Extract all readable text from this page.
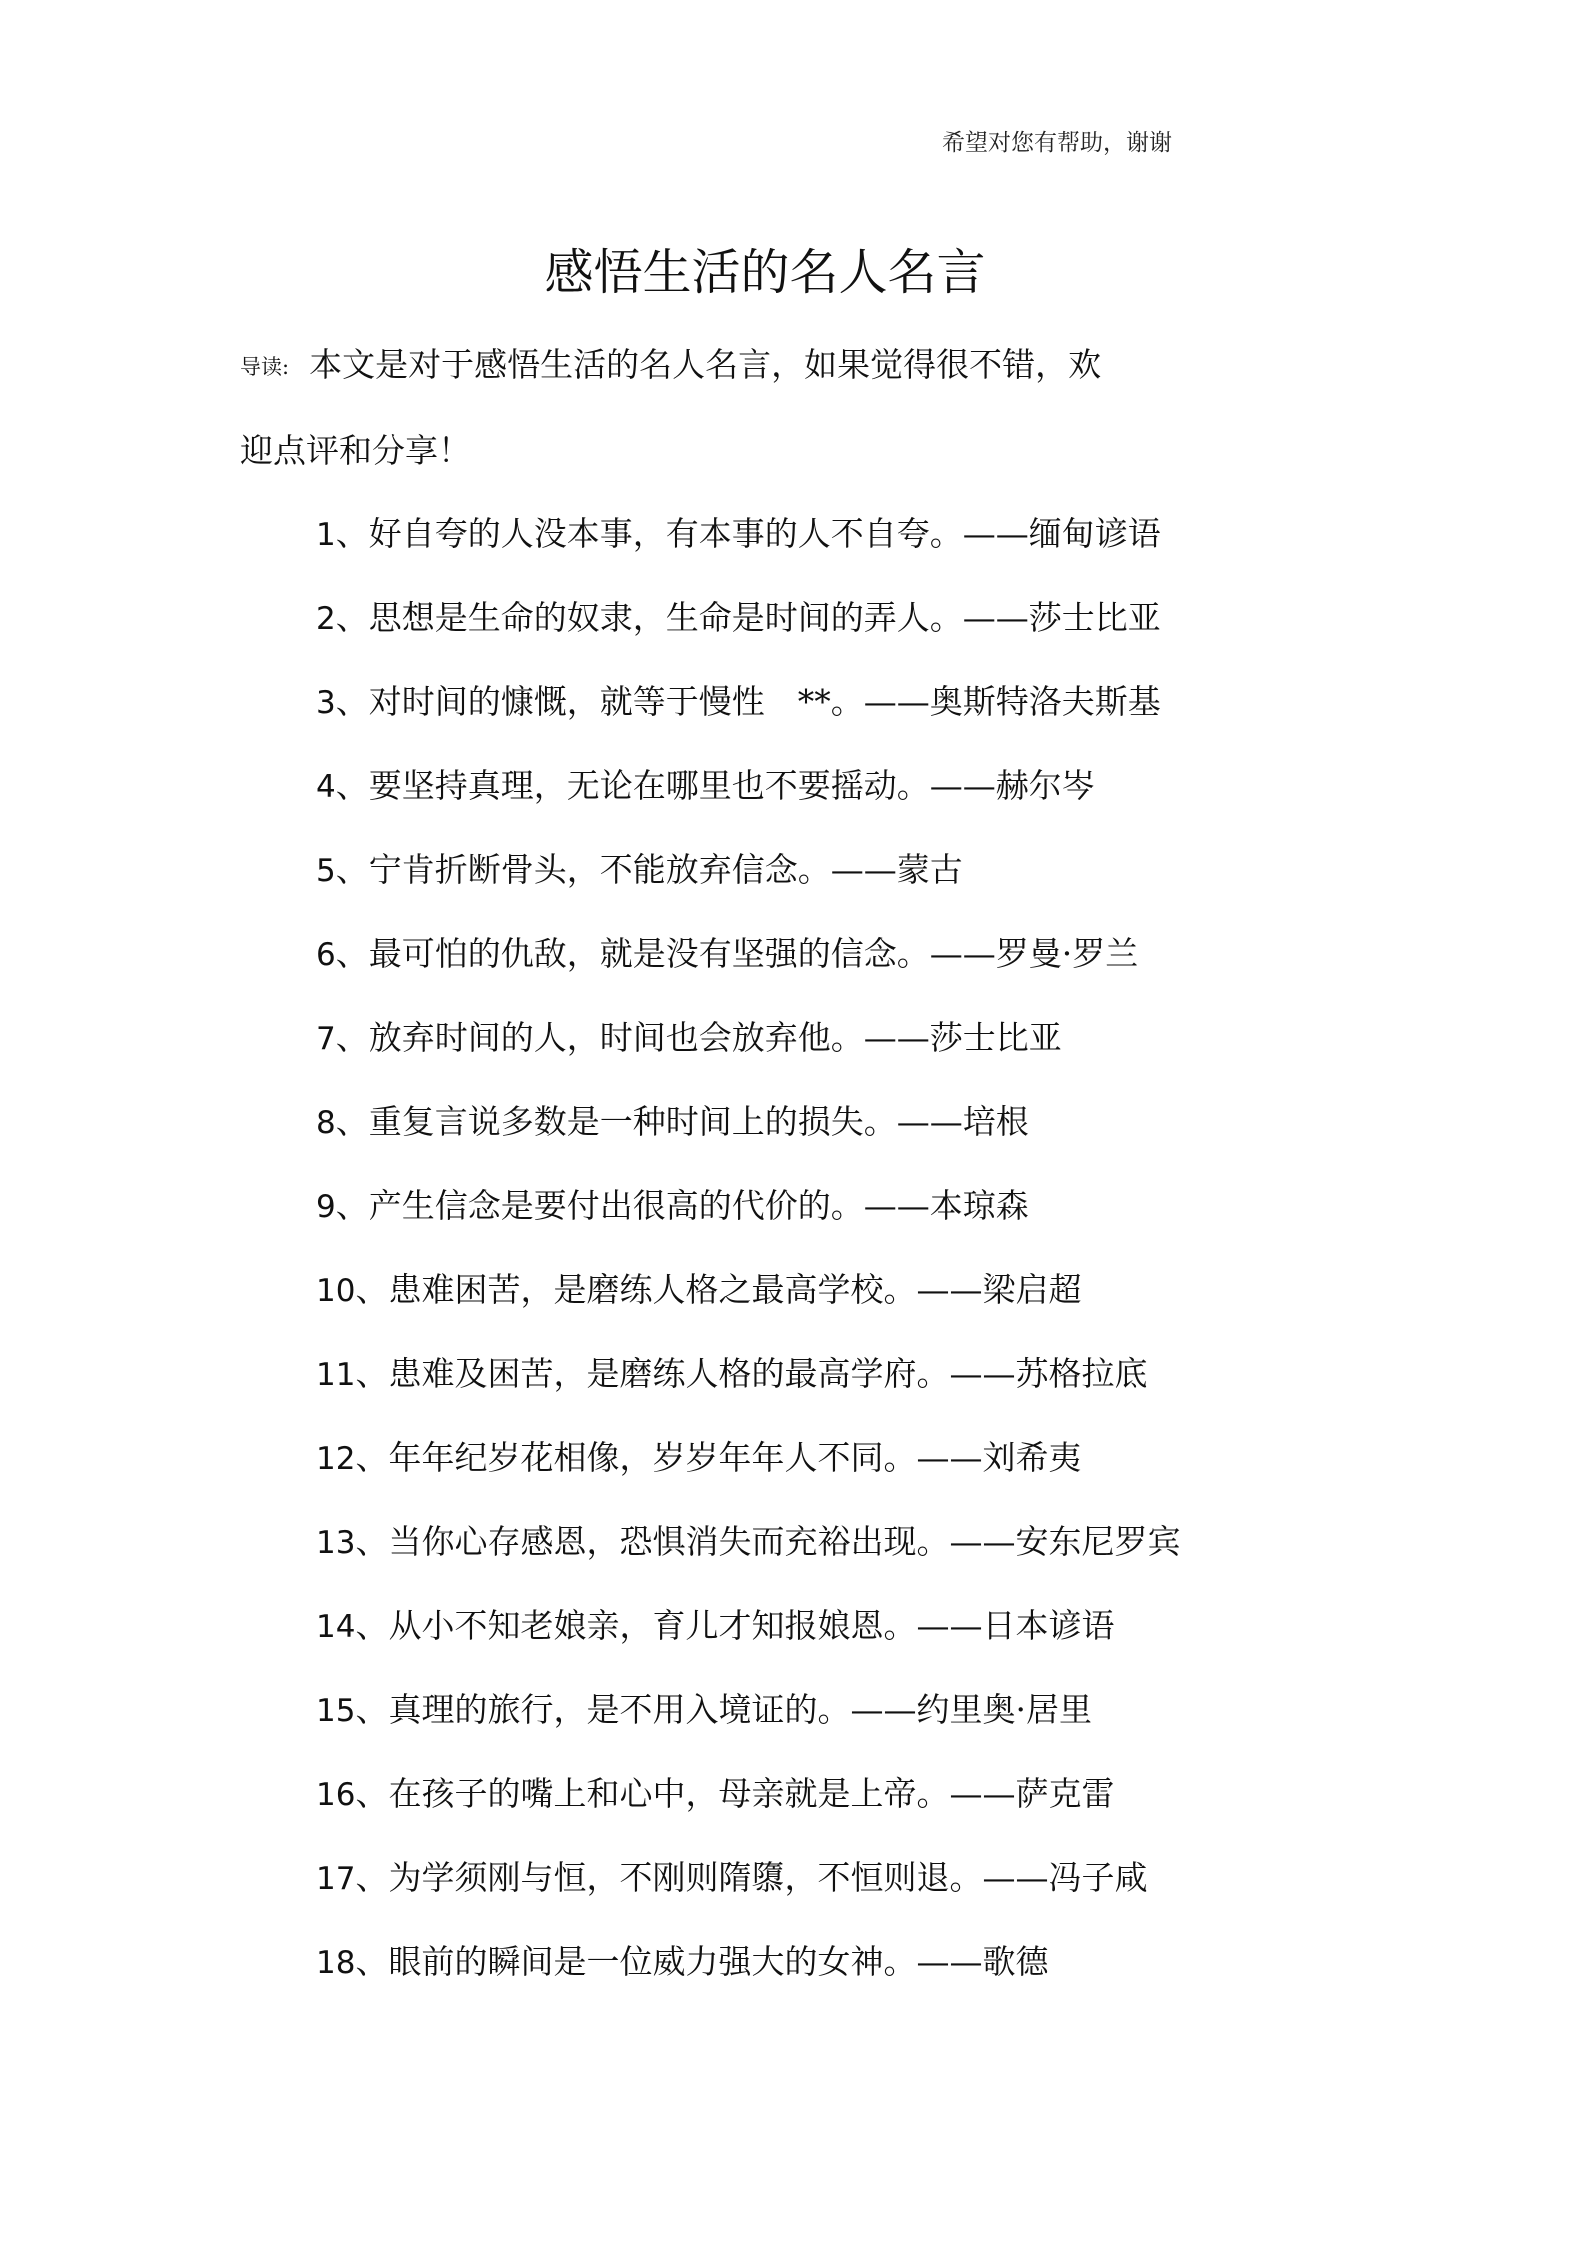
希望对您有帮助，谢谢
感悟生活的名人名言
导读: 本文是对于感悟生活的名人名言，如果觉得很不错，欢
迎点评和分享！
1、好自夸的人没本事，有本事的人不自夸。——缅甸谚语
2、思想是生命的奴隶，生命是时间的弄人。——莎士比亚
3、对时间的慷慨，就等于慢性　**。——奥斯特洛夫斯基
4、要坚持真理，无论在哪里也不要摇动。——赫尔岑
5、宁肯折断骨头，不能放弃信念。——蒙古
6、最可怕的仇敌，就是没有坚强的信念。——罗曼·罗兰
7、放弃时间的人，时间也会放弃他。——莎士比亚
8、重复言说多数是一种时间上的损失。——培根
9、产生信念是要付出很高的代价的。——本琼森
10、患难困苦，是磨练人格之最高学校。——梁启超
11、患难及困苦，是磨练人格的最高学府。——苏格拉底
12、年年纪岁花相像，岁岁年年人不同。——刘希夷
13、当你心存感恩，恐惧消失而充裕出现。——安东尼罗宾
14、从小不知老娘亲，育儿才知报娘恩。——日本谚语
15、真理的旅行，是不用入境证的。——约里奥·居里
16、在孩子的嘴上和心中，母亲就是上帝。——萨克雷
17、为学须刚与恒，不刚则隋隳，不恒则退。——冯子咸
18、眼前的瞬间是一位威力强大的女神。——歌德
